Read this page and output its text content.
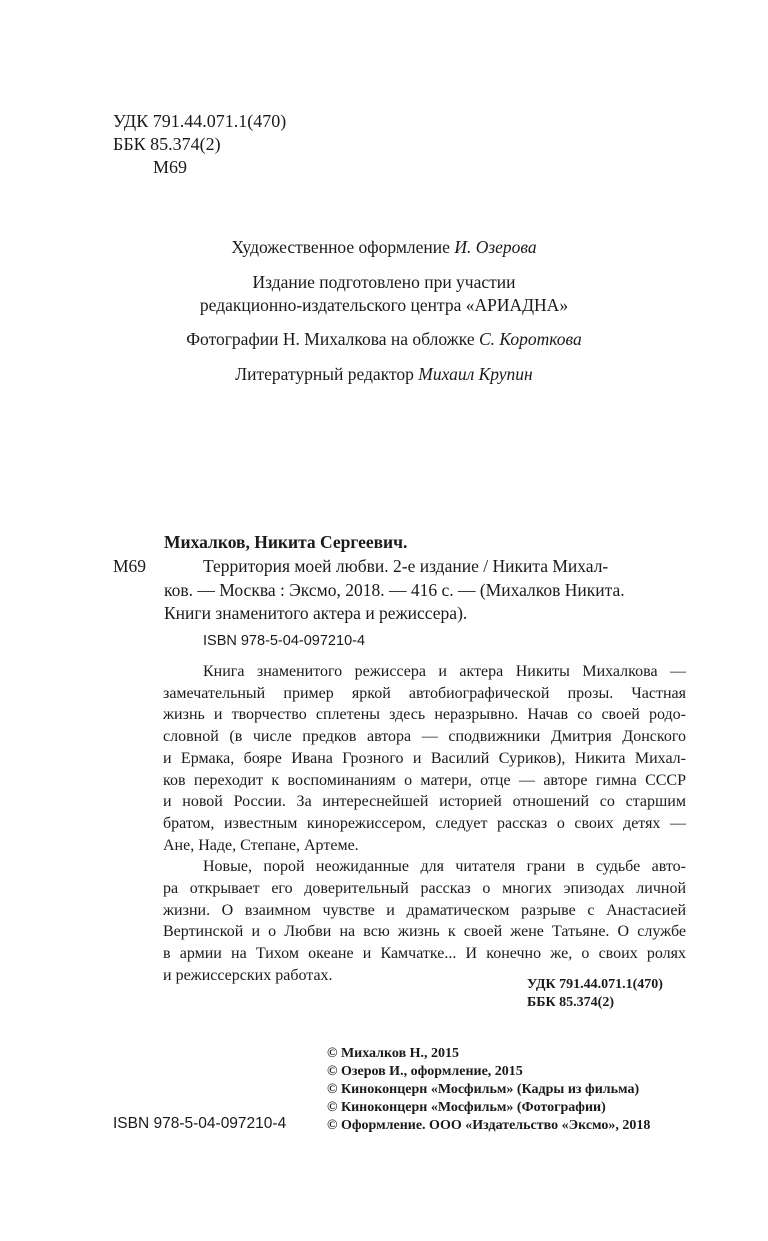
УДК 791.44.071.1(470)
ББК 85.374(2)
М69
Художественное оформление И. Озерова
Издание подготовлено при участии
редакционно-издательского центра «АРИАДНА»
Фотографии Н. Михалкова на обложке С. Короткова
Литературный редактор Михаил Крупин
Михалков, Никита Сергеевич.
М69	Территория моей любви. 2-е издание / Никита Михал-
ков. — Москва : Эксмо, 2018. — 416 с. — (Михалков Никита.
Книги знаменитого актера и режиссера).
ISBN 978-5-04-097210-4
Книга знаменитого режиссера и актера Никиты Михалкова —
замечательный пример яркой автобиографической прозы. Частная
жизнь и творчество сплетены здесь неразрывно. Начав со своей родо-
словной (в числе предков автора — сподвижники Дмитрия Донского
и Ермака, бояре Ивана Грозного и Василий Суриков), Никита Михал-
ков переходит к воспоминаниям о матери, отце — авторе гимна СССР
и новой России. За интереснейшей историей отношений со старшим
братом, известным кинорежиссером, следует рассказ о своих детях —
Ане, Наде, Степане, Артеме.
Новые, порой неожиданные для читателя грани в судьбе авто-
ра открывает его доверительный рассказ о многих эпизодах личной
жизни. О взаимном чувстве и драматическом разрыве с Анастасией
Вертинской и о Любви на всю жизнь к своей жене Татьяне. О службе
в армии на Тихом океане и Камчатке... И конечно же, о своих ролях
и режиссерских работах.
УДК 791.44.071.1(470)
ББК 85.374(2)
© Михалков Н., 2015
© Озеров И., оформление, 2015
© Киноконцерн «Мосфильм» (Кадры из фильма)
© Киноконцерн «Мосфильм» (Фотографии)
© Оформление. ООО «Издательство «Эксмо», 2018
ISBN 978-5-04-097210-4
